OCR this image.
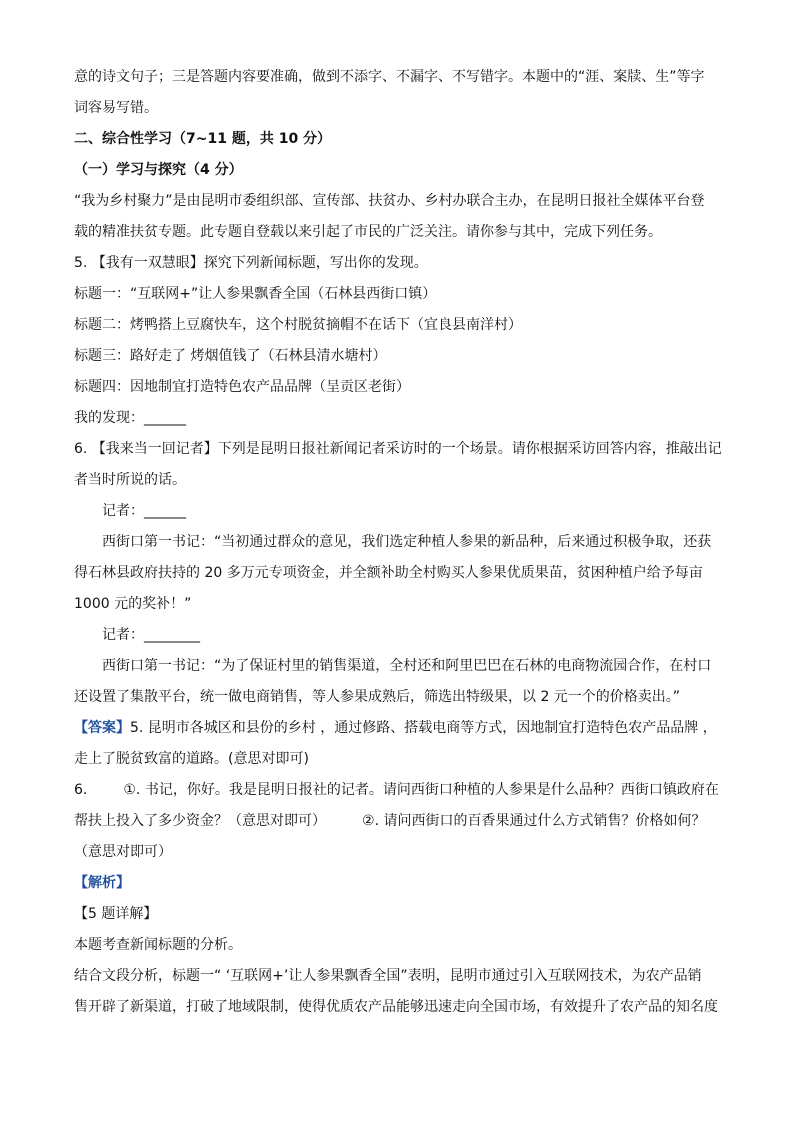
意的诗文句子；三是答题内容要准确，做到不添字、不漏字、不写错字。本题中的“涯、案牍、生”等字
词容易写错。
二、综合性学习（7~11 题，共 10 分）
（一）学习与探究（4 分）
“我为乡村聚力”是由昆明市委组织部、宣传部、扶贫办、乡村办联合主办，在昆明日报社全媒体平台登
载的精准扶贫专题。此专题自登载以来引起了市民的广泛关注。请你参与其中，完成下列任务。
5. 【我有一双慧眼】探究下列新闻标题，写出你的发现。
标题一：“互联网+”让人参果飘香全国（石林县西街口镇）
标题二：烤鸭搭上豆腐快车，这个村脱贫摘帽不在话下（宜良县南洋村）
标题三：路好走了 烤烟值钱了（石林县清水塘村）
标题四：因地制宜打造特色农产品品牌（呈贡区老街）
我的发现：______
6. 【我来当一回记者】下列是昆明日报社新闻记者采访时的一个场景。请你根据采访回答内容，推敲出记
者当时所说的话。
记者：______
西街口第一书记：“当初通过群众的意见，我们选定种植人参果的新品种，后来通过积极争取，还获
得石林县政府扶持的 20 多万元专项资金，并全额补助全村购买人参果优质果苗，贫困种植户给予每亩
1000 元的奖补！”
记者：________
西街口第一书记：“为了保证村里的销售渠道，全村还和阿里巴巴在石林的电商物流园合作，在村口
还设置了集散平台，统一做电商销售，等人参果成熟后，筛选出特级果，以 2 元一个的价格卖出。”
【答案】5. 昆明市各城区和县份的乡村 ，通过修路、搭载电商等方式，因地制宜打造特色农产品品牌 ，
走上了脱贫致富的道路。(意思对即可)
6.	①. 书记，你好。我是昆明日报社的记者。请问西街口种植的人参果是什么品种？西街口镇政府在
帮扶上投入了多少资金？（意思对即可）	②. 请问西街口的百香果通过什么方式销售？价格如何？
（意思对即可）
【解析】
【5 题详解】
本题考查新闻标题的分析。
结合文段分析，标题一“ ‘互联网+’让人参果飘香全国”表明，昆明市通过引入互联网技术，为农产品销
售开辟了新渠道，打破了地域限制，使得优质农产品能够迅速走向全国市场，有效提升了农产品的知名度
